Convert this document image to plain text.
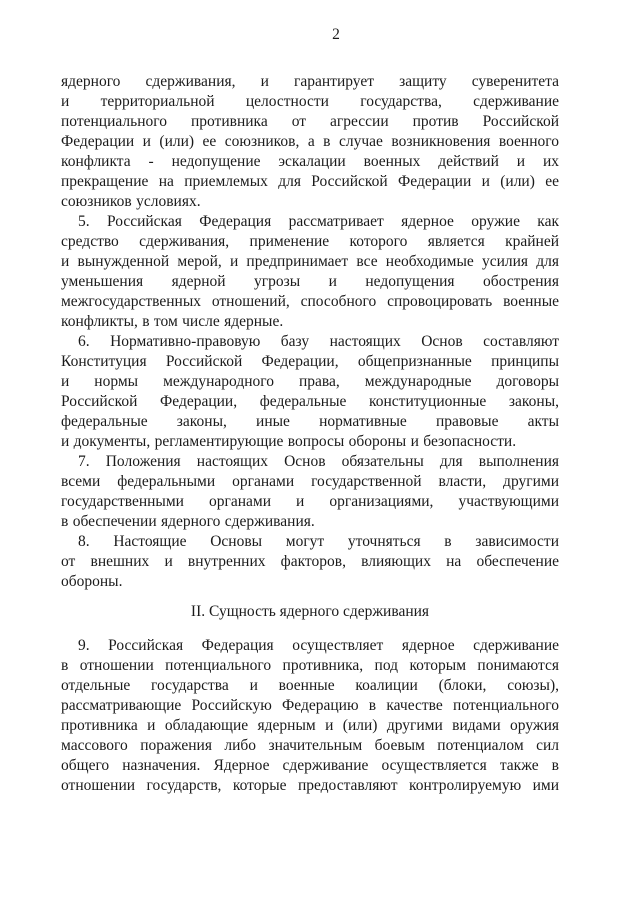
2
ядерного сдерживания, и гарантирует защиту суверенитета
и территориальной целостности государства, сдерживание
потенциального противника от агрессии против Российской
Федерации и (или) ее союзников, а в случае возникновения военного
конфликта - недопущение эскалации военных действий и их
прекращение на приемлемых для Российской Федерации и (или) ее
союзников условиях.
5. Российская Федерация рассматривает ядерное оружие как
средство сдерживания, применение которого является крайней
и вынужденной мерой, и предпринимает все необходимые усилия для
уменьшения ядерной угрозы и недопущения обострения
межгосударственных отношений, способного спровоцировать военные
конфликты, в том числе ядерные.
6. Нормативно-правовую базу настоящих Основ составляют
Конституция Российской Федерации, общепризнанные принципы
и нормы международного права, международные договоры
Российской Федерации, федеральные конституционные законы,
федеральные законы, иные нормативные правовые акты
и документы, регламентирующие вопросы обороны и безопасности.
7. Положения настоящих Основ обязательны для выполнения
всеми федеральными органами государственной власти, другими
государственными органами и организациями, участвующими
в обеспечении ядерного сдерживания.
8. Настоящие Основы могут уточняться в зависимости
от внешних и внутренних факторов, влияющих на обеспечение
обороны.
II. Сущность ядерного сдерживания
9. Российская Федерация осуществляет ядерное сдерживание
в отношении потенциального противника, под которым понимаются
отдельные государства и военные коалиции (блоки, союзы),
рассматривающие Российскую Федерацию в качестве потенциального
противника и обладающие ядерным и (или) другими видами оружия
массового поражения либо значительным боевым потенциалом сил
общего назначения. Ядерное сдерживание осуществляется также в
отношении государств, которые предоставляют контролируемую ими
